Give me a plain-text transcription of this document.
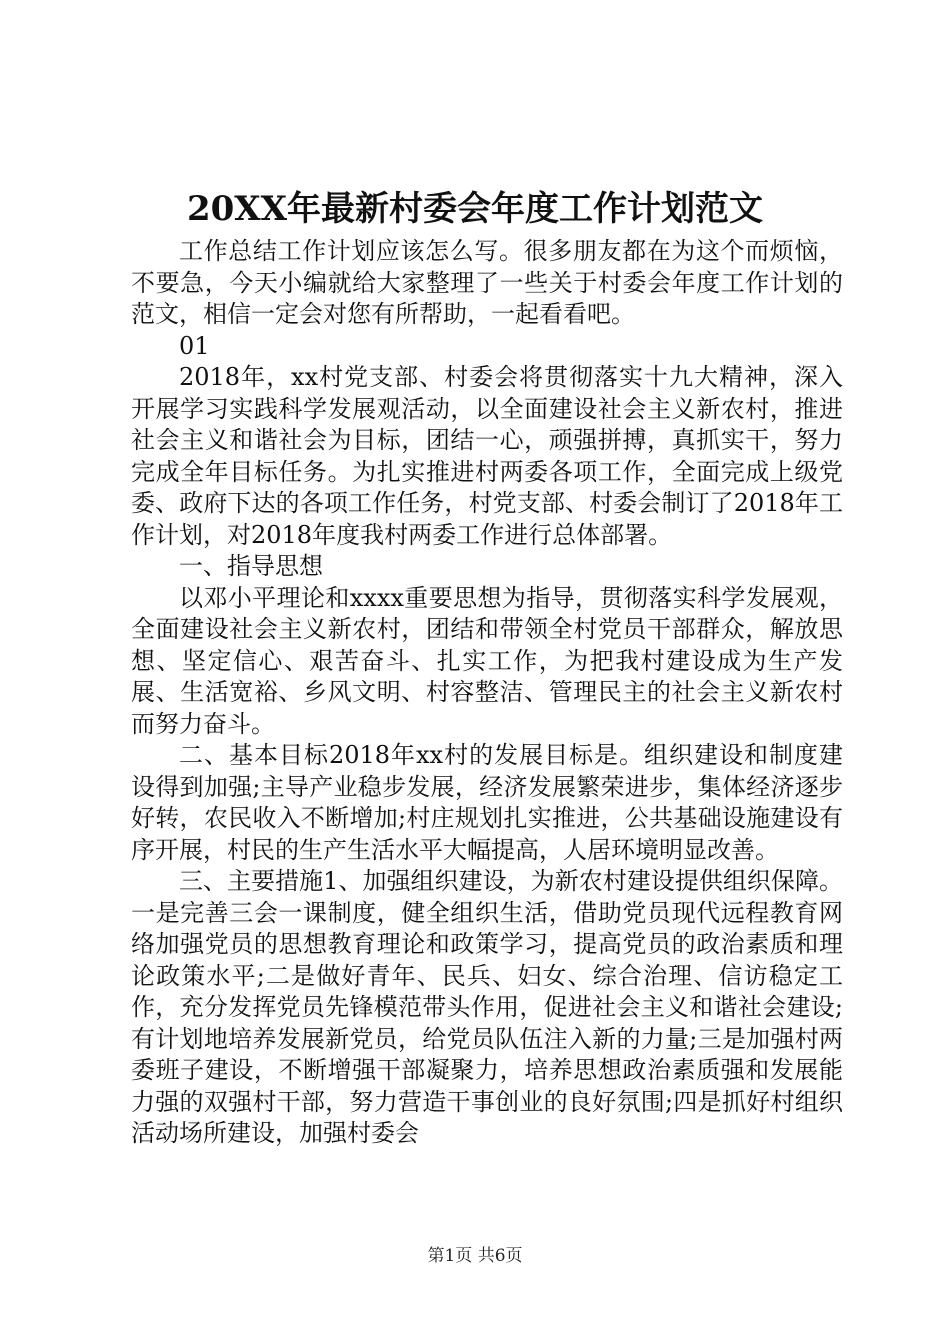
20XX年最新村委会年度工作计划范文

工作总结工作计划应该怎么写。很多朋友都在为这个而烦恼，不要急，今天小编就给大家整理了一些关于村委会年度工作计划的范文，相信一定会对您有所帮助，一起看看吧。

01

2018年，xx村党支部、村委会将贯彻落实十九大精神，深入开展学习实践科学发展观活动，以全面建设社会主义新农村，推进社会主义和谐社会为目标，团结一心，顽强拼搏，真抓实干，努力完成全年目标任务。为扎实推进村两委各项工作，全面完成上级党委、政府下达的各项工作任务，村党支部、村委会制订了2018年工作计划，对2018年度我村两委工作进行总体部署。

一、指导思想

以邓小平理论和xxxx重要思想为指导，贯彻落实科学发展观，全面建设社会主义新农村，团结和带领全村党员干部群众，解放思想、坚定信心、艰苦奋斗、扎实工作，为把我村建设成为生产发展、生活宽裕、乡风文明、村容整洁、管理民主的社会主义新农村而努力奋斗。

二、基本目标2018年xx村的发展目标是。组织建设和制度建设得到加强;主导产业稳步发展，经济发展繁荣进步，集体经济逐步好转，农民收入不断增加;村庄规划扎实推进，公共基础设施建设有序开展，村民的生产生活水平大幅提高，人居环境明显改善。

三、主要措施1、加强组织建设，为新农村建设提供组织保障。一是完善三会一课制度，健全组织生活，借助党员现代远程教育网络加强党员的思想教育理论和政策学习，提高党员的政治素质和理论政策水平;二是做好青年、民兵、妇女、综合治理、信访稳定工作，充分发挥党员先锋模范带头作用，促进社会主义和谐社会建设;有计划地培养发展新党员，给党员队伍注入新的力量;三是加强村两委班子建设，不断增强干部凝聚力，培养思想政治素质强和发展能力强的双强村干部，努力营造干事创业的良好氛围;四是抓好村组织活动场所建设，加强村委会

第1页 共6页
